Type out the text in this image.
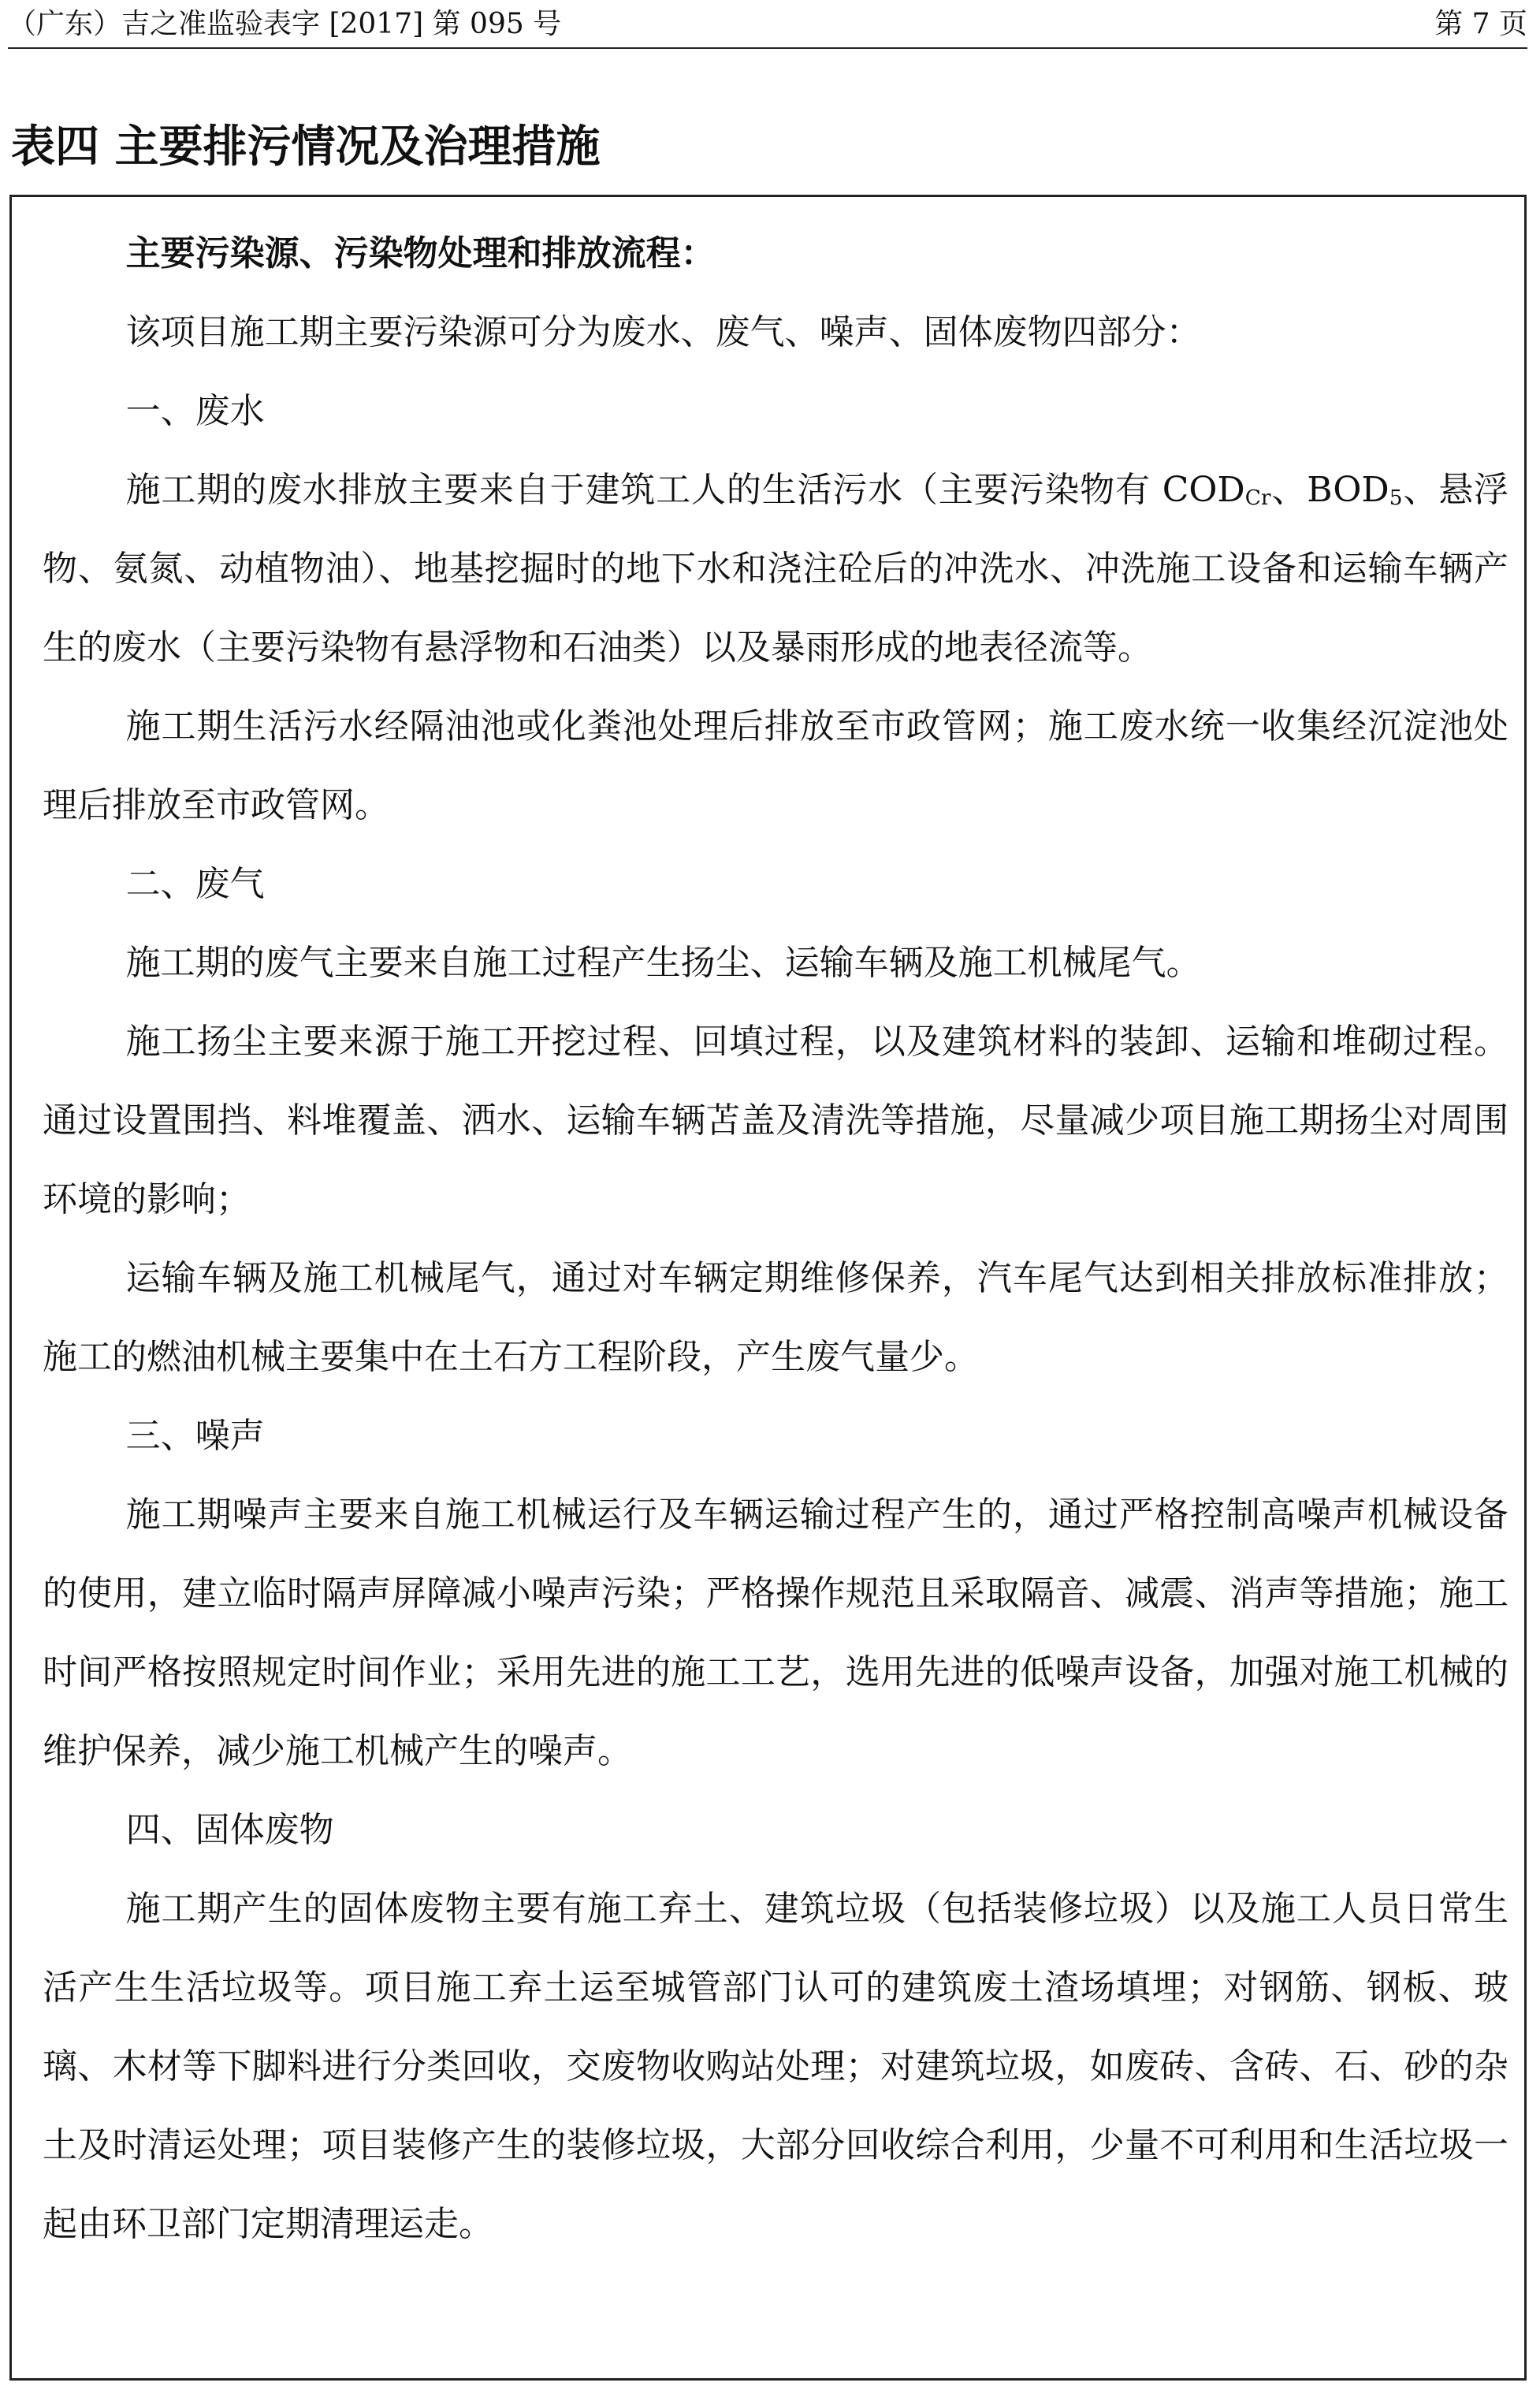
（广东）吉之准监验表字 [2017] 第 095 号	第 7 页
表四 主要排污情况及治理措施

主要污染源、污染物处理和排放流程：

该项目施工期主要污染源可分为废水、废气、噪声、固体废物四部分：

一、废水

施工期的废水排放主要来自于建筑工人的生活污水（主要污染物有 $COD_{Cr}$、$BOD_5$、悬浮物、氨氮、动植物油）、地基挖掘时的地下水和浇注砼后的冲洗水、冲洗施工设备和运输车辆产生的废水（主要污染物有悬浮物和石油类）以及暴雨形成的地表径流等。

施工期生活污水经隔油池或化粪池处理后排放至市政管网；施工废水统一收集经沉淀池处理后排放至市政管网。

二、废气

施工期的废气主要来自施工过程产生扬尘、运输车辆及施工机械尾气。

施工扬尘主要来源于施工开挖过程、回填过程，以及建筑材料的装卸、运输和堆砌过程。通过设置围挡、料堆覆盖、洒水、运输车辆苫盖及清洗等措施，尽量减少项目施工期扬尘对周围环境的影响；

运输车辆及施工机械尾气，通过对车辆定期维修保养，汽车尾气达到相关排放标准排放；施工的燃油机械主要集中在土石方工程阶段，产生废气量少。

三、噪声

施工期噪声主要来自施工机械运行及车辆运输过程产生的，通过严格控制高噪声机械设备的使用，建立临时隔声屏障减小噪声污染；严格操作规范且采取隔音、减震、消声等措施；施工时间严格按照规定时间作业；采用先进的施工工艺，选用先进的低噪声设备，加强对施工机械的维护保养，减少施工机械产生的噪声。

四、固体废物

施工期产生的固体废物主要有施工弃土、建筑垃圾（包括装修垃圾）以及施工人员日常生活产生生活垃圾等。项目施工弃土运至城管部门认可的建筑废土渣场填埋；对钢筋、钢板、玻璃、木材等下脚料进行分类回收，交废物收购站处理；对建筑垃圾，如废砖、含砖、石、砂的杂土及时清运处理；项目装修产生的装修垃圾，大部分回收综合利用，少量不可利用和生活垃圾一起由环卫部门定期清理运走。
